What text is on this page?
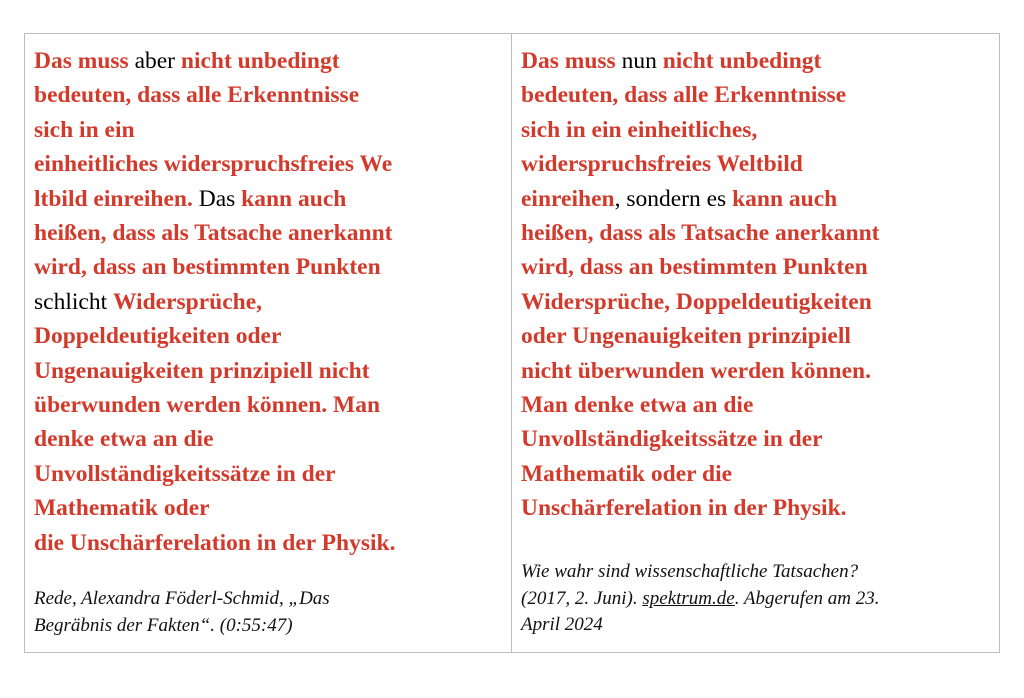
Das muss aber nicht unbedingt
bedeuten, dass alle Erkenntnisse
sich in ein
einheitliches widerspruchsfreies We
ltbild einreihen. Das kann auch
heißen, dass als Tatsache anerkannt
wird, dass an bestimmten Punkten
schlicht Widersprüche,
Doppeldeutigkeiten oder
Ungenauigkeiten prinzipiell nicht
überwunden werden können. Man
denke etwa an die
Unvollständigkeitssätze in der
Mathematik oder
die Unschärferelation in der Physik.

Rede, Alexandra Föderl-Schmid, „Das
Begräbnis der Fakten“. (0:55:47)

Das muss nun nicht unbedingt
bedeuten, dass alle Erkenntnisse
sich in ein einheitliches,
widerspruchsfreies Weltbild
einreihen, sondern es kann auch
heißen, dass als Tatsache anerkannt
wird, dass an bestimmten Punkten
Widersprüche, Doppeldeutigkeiten
oder Ungenauigkeiten prinzipiell
nicht überwunden werden können.
Man denke etwa an die
Unvollständigkeitssätze in der
Mathematik oder die
Unschärferelation in der Physik.

Wie wahr sind wissenschaftliche Tatsachen?
(2017, 2. Juni). spektrum.de. Abgerufen am 23.
April 2024
